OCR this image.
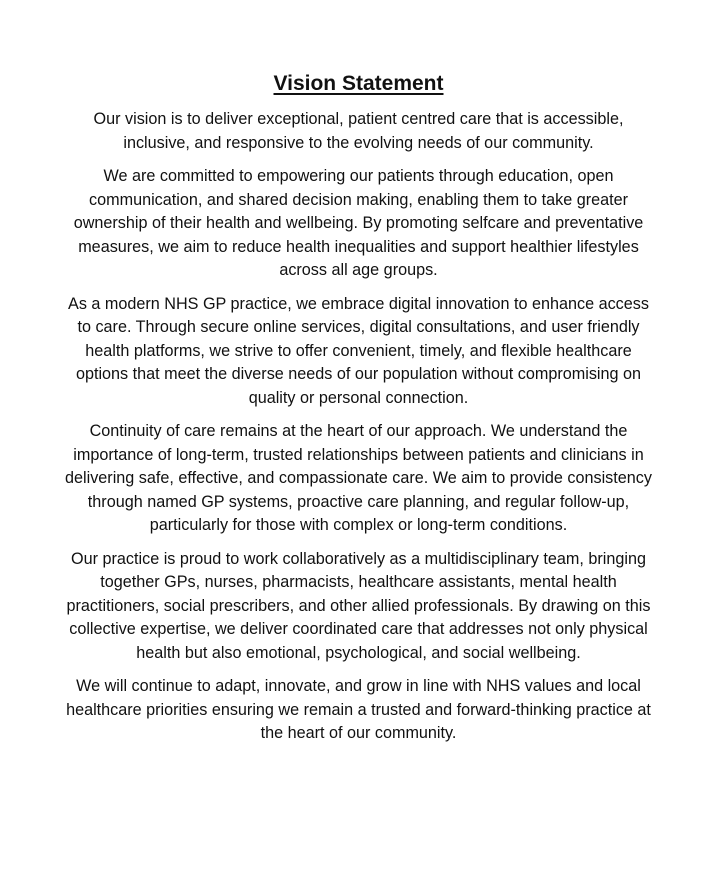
Vision Statement

Our vision is to deliver exceptional, patient centred care that is accessible, inclusive, and responsive to the evolving needs of our community.

We are committed to empowering our patients through education, open communication, and shared decision making, enabling them to take greater ownership of their health and wellbeing. By promoting selfcare and preventative measures, we aim to reduce health inequalities and support healthier lifestyles across all age groups.

As a modern NHS GP practice, we embrace digital innovation to enhance access to care. Through secure online services, digital consultations, and user friendly health platforms, we strive to offer convenient, timely, and flexible healthcare options that meet the diverse needs of our population without compromising on quality or personal connection.

Continuity of care remains at the heart of our approach. We understand the importance of long-term, trusted relationships between patients and clinicians in delivering safe, effective, and compassionate care. We aim to provide consistency through named GP systems, proactive care planning, and regular follow-up, particularly for those with complex or long-term conditions.

Our practice is proud to work collaboratively as a multidisciplinary team, bringing together GPs, nurses, pharmacists, healthcare assistants, mental health practitioners, social prescribers, and other allied professionals. By drawing on this collective expertise, we deliver coordinated care that addresses not only physical health but also emotional, psychological, and social wellbeing.

We will continue to adapt, innovate, and grow in line with NHS values and local healthcare priorities ensuring we remain a trusted and forward-thinking practice at the heart of our community.
